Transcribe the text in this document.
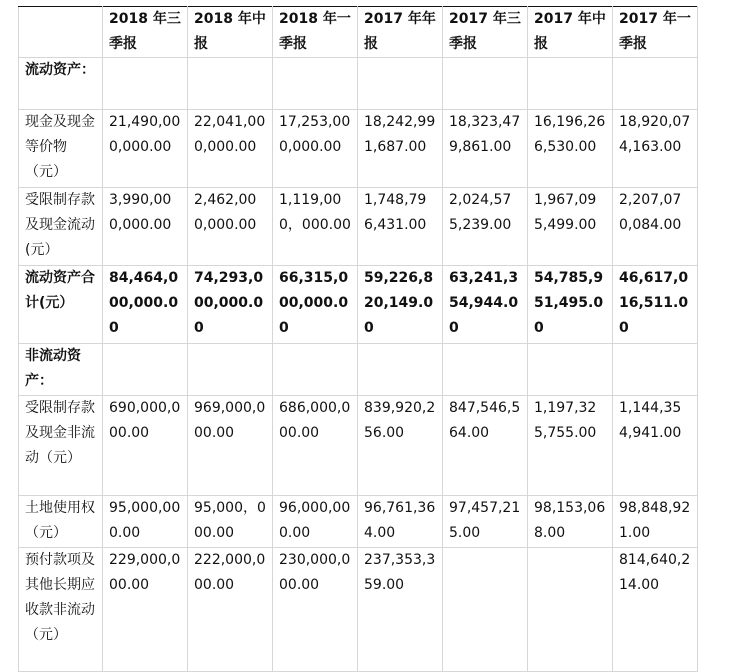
	2018 年三季报	2018 年中报	2018 年一季报	2017 年年报	2017 年三季报	2017 年中报	2017 年一季报
流动资产：							
现金及现金等价物（元）	21,490,000,000.00	22,041,000,000.00	17,253,000,000.00	18,242,991,687.00	18,323,479,861.00	16,196,266,530.00	18,920,074,163.00
受限制存款及现金流动(元）	3,990,000,000.00	2,462,000,000.00	1,119,00 0，000.00	1,748,796,431.00	2,024,575,239.00	1,967,095,499.00	2,207,070,084.00
流动资产合计(元）	84,464,000,000.00	74,293,000,000.00	66,315,000,000.00	59,226,820,149.00	63,241,354,944.00	54,785,951,495.00	46,617,016,511.00
非流动资产：							
受限制存款及现金非流动（元）	690,000,000.00	969,000,000.00	686,000,000.00	839,920,256.00	847,546,564.00	1,197,325,755.00	1,144,354,941.00
土地使用权（元）	95,000,000.00	95,000，000.00	96,000,000.00	96,761,364.00	97,457,215.00	98,153,068.00	98,848,921.00
预付款项及其他长期应收款非流动（元）	229,000,000.00	222,000,000.00	230,000,000.00	237,353,359.00			814,640,214.00
